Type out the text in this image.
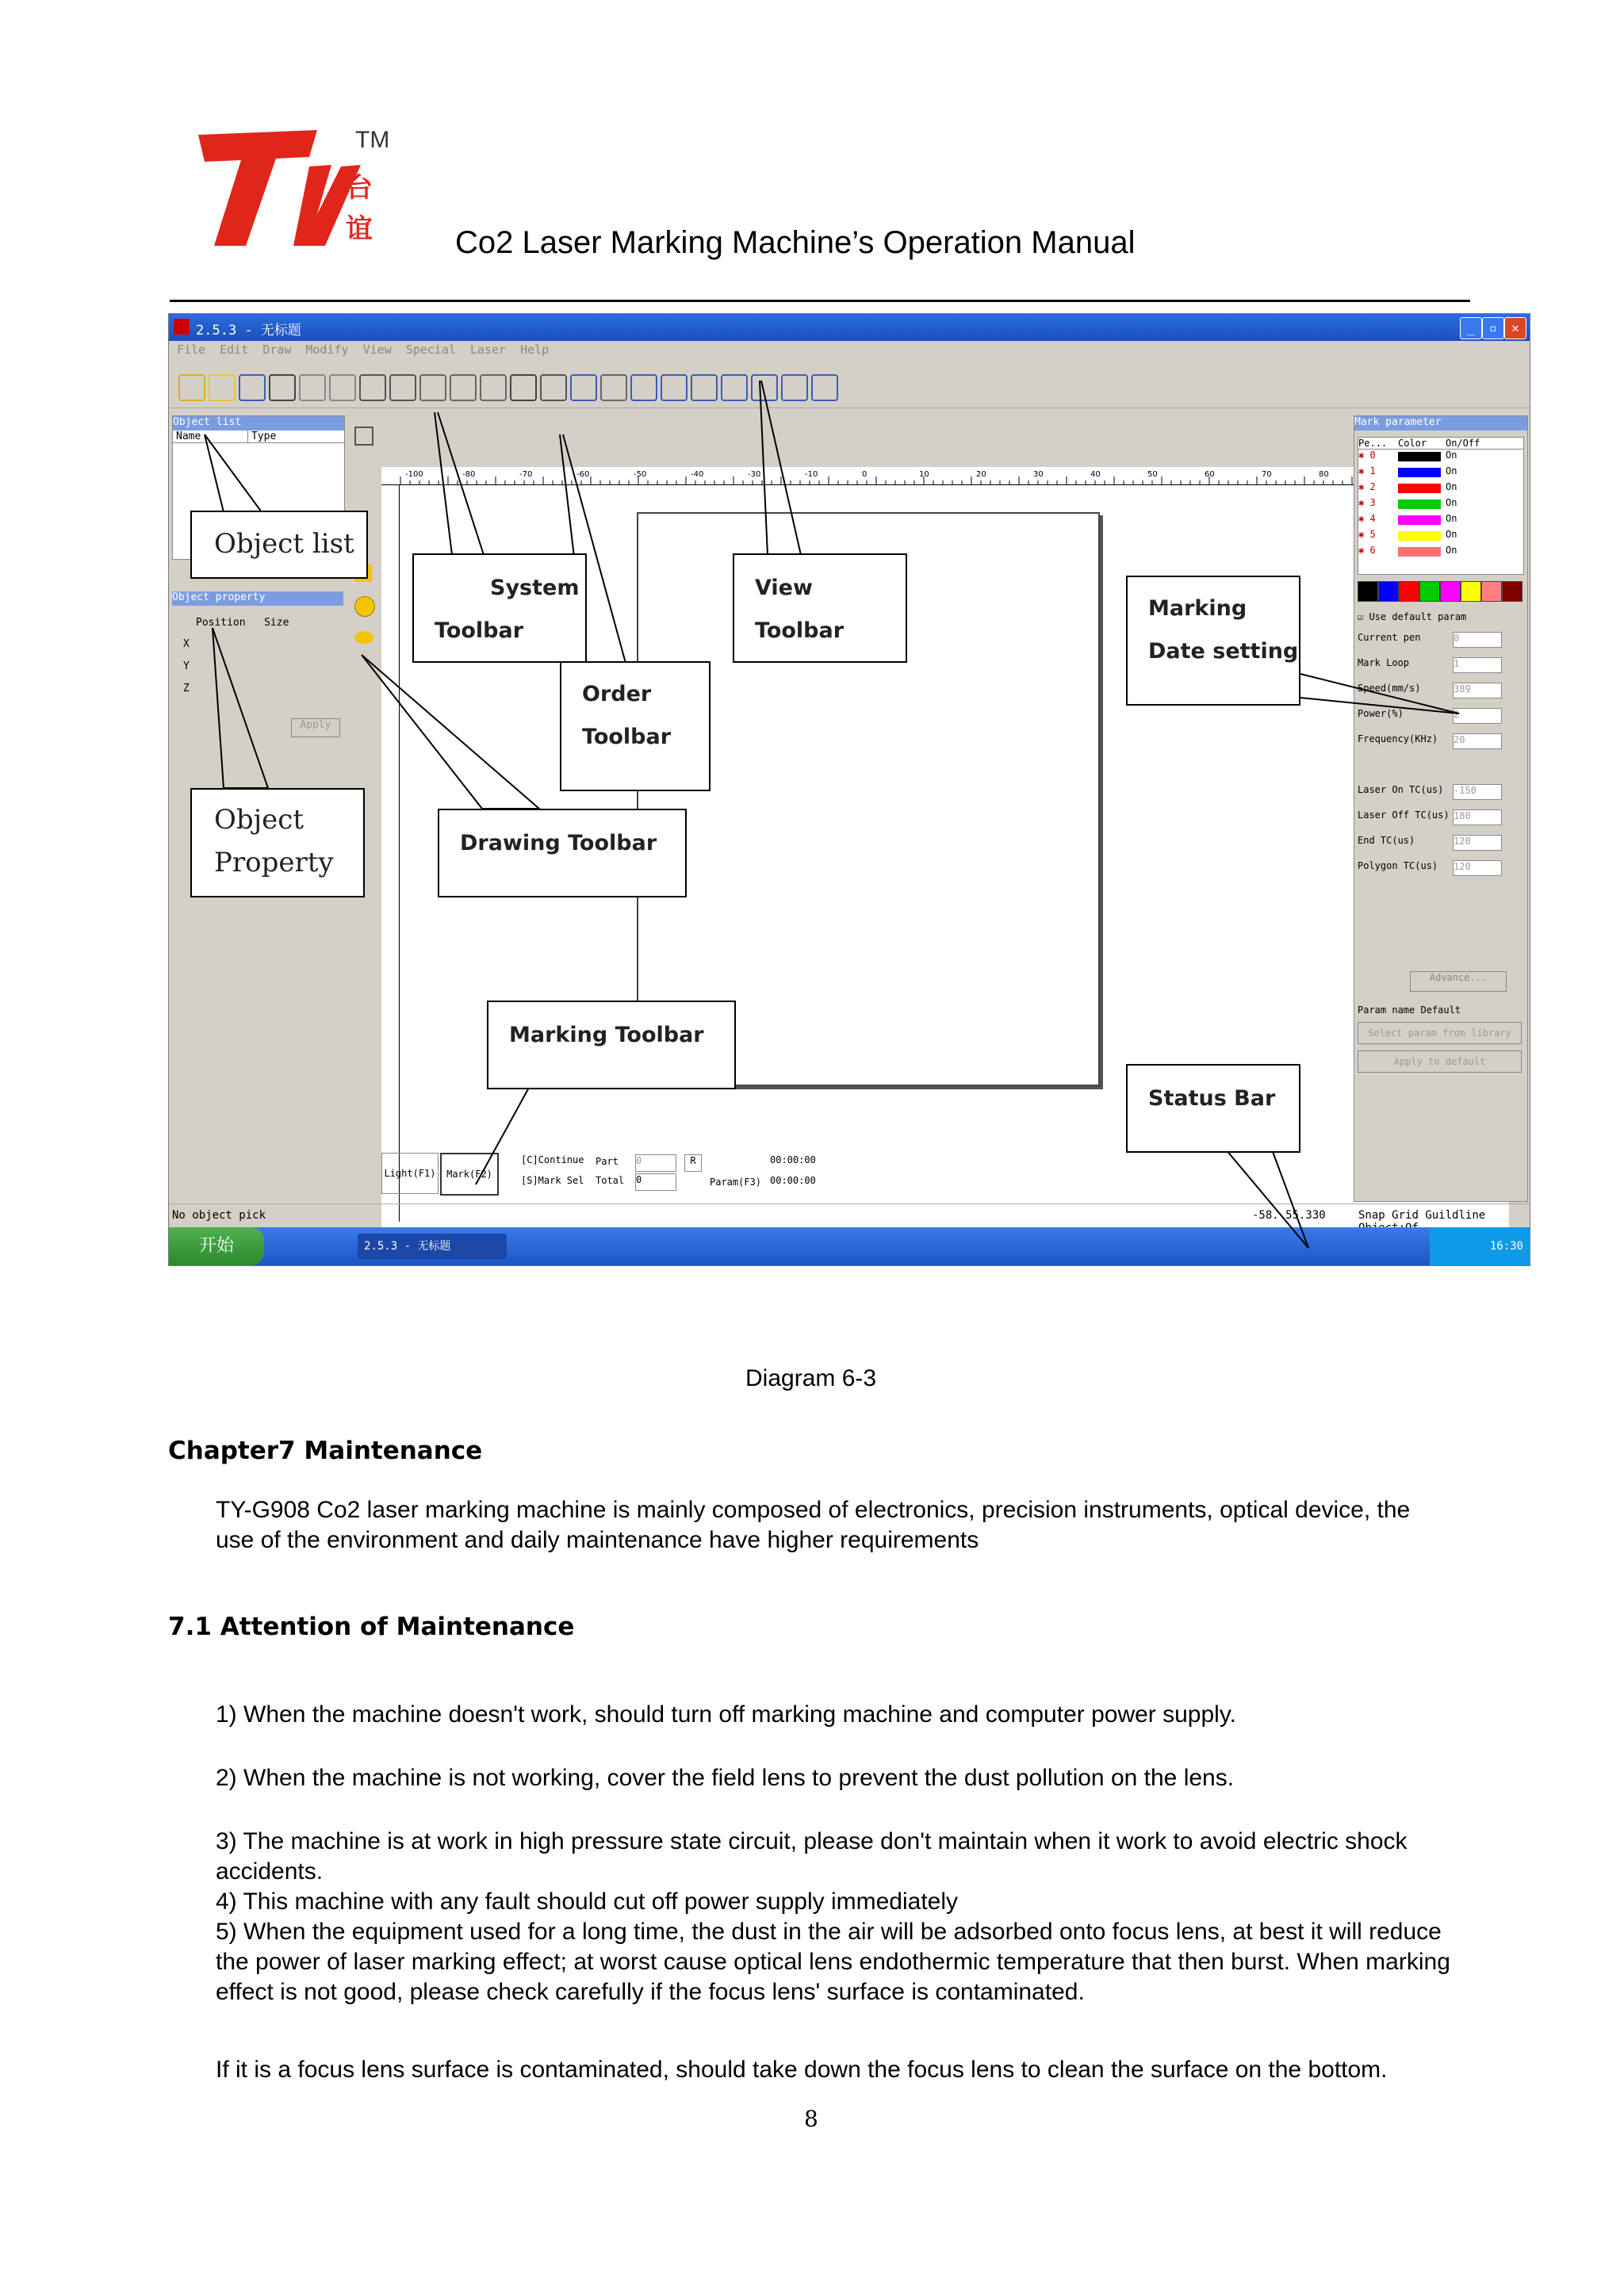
TM
台
谊	Co2 Laser Marking Machine’s Operation Manual
2.5.3 - 无标题	_	▫	✕
File Edit Draw Modify View Special Laser Help
Object list
Name	Type
Object property
Position Size
X
Y
Z
Apply
-100	-80	-70	-60	-50	-40	-30	-10	0	10	20	30	40	50	60	70	80
Mark parameter
Pe...	Color	On/Off
✱ 0	On
✱ 1	On
✱ 2	On
✱ 3	On
✱ 4	On
✱ 5	On
✱ 6	On
☑ Use default param
Current pen	0
Mark Loop	1
Speed(mm/s)	389
Power(%)	2
Frequency(KHz)	20
Laser On TC(us)	-150
Laser Off TC(us) 180
End TC(us)	120
Polygon TC(us)	120
Advance...
Param name Default
Select param from library
Apply to default
Light(F1)	Mark(F2)
[C]Continue
[S]Mark Sel
Part
Total
0
0
R
Param(F3)
00:00:00
00:00:00
No object pick	-58. 55.330	Snap Grid Guildline
开始	2.5.3 - 无标题	16:30
Object list
System
Toolbar
View
Toolbar
Order
Toolbar
Marking
Date setting
Object
Property
Drawing Toolbar
Marking Toolbar
Status Bar
Diagram 6-3
Chapter7 Maintenance
TY-G908 Co2 laser marking machine is mainly composed of electronics, precision instruments, optical device, the use of the environment and daily maintenance have higher requirements
7.1 Attention of Maintenance
1) When the machine doesn't work, should turn off marking machine and computer power supply.
2) When the machine is not working, cover the field lens to prevent the dust pollution on the lens.
3) The machine is at work in high pressure state circuit, please don't maintain when it work to avoid electric shock accidents.
4) This machine with any fault should cut off power supply immediately
5) When the equipment used for a long time, the dust in the air will be adsorbed onto focus lens, at best it will reduce the power of laser marking effect; at worst cause optical lens endothermic temperature that then burst. When marking effect is not good, please check carefully if the focus lens' surface is contaminated.
If it is a focus lens surface is contaminated, should take down the focus lens to clean the surface on the bottom.
8
